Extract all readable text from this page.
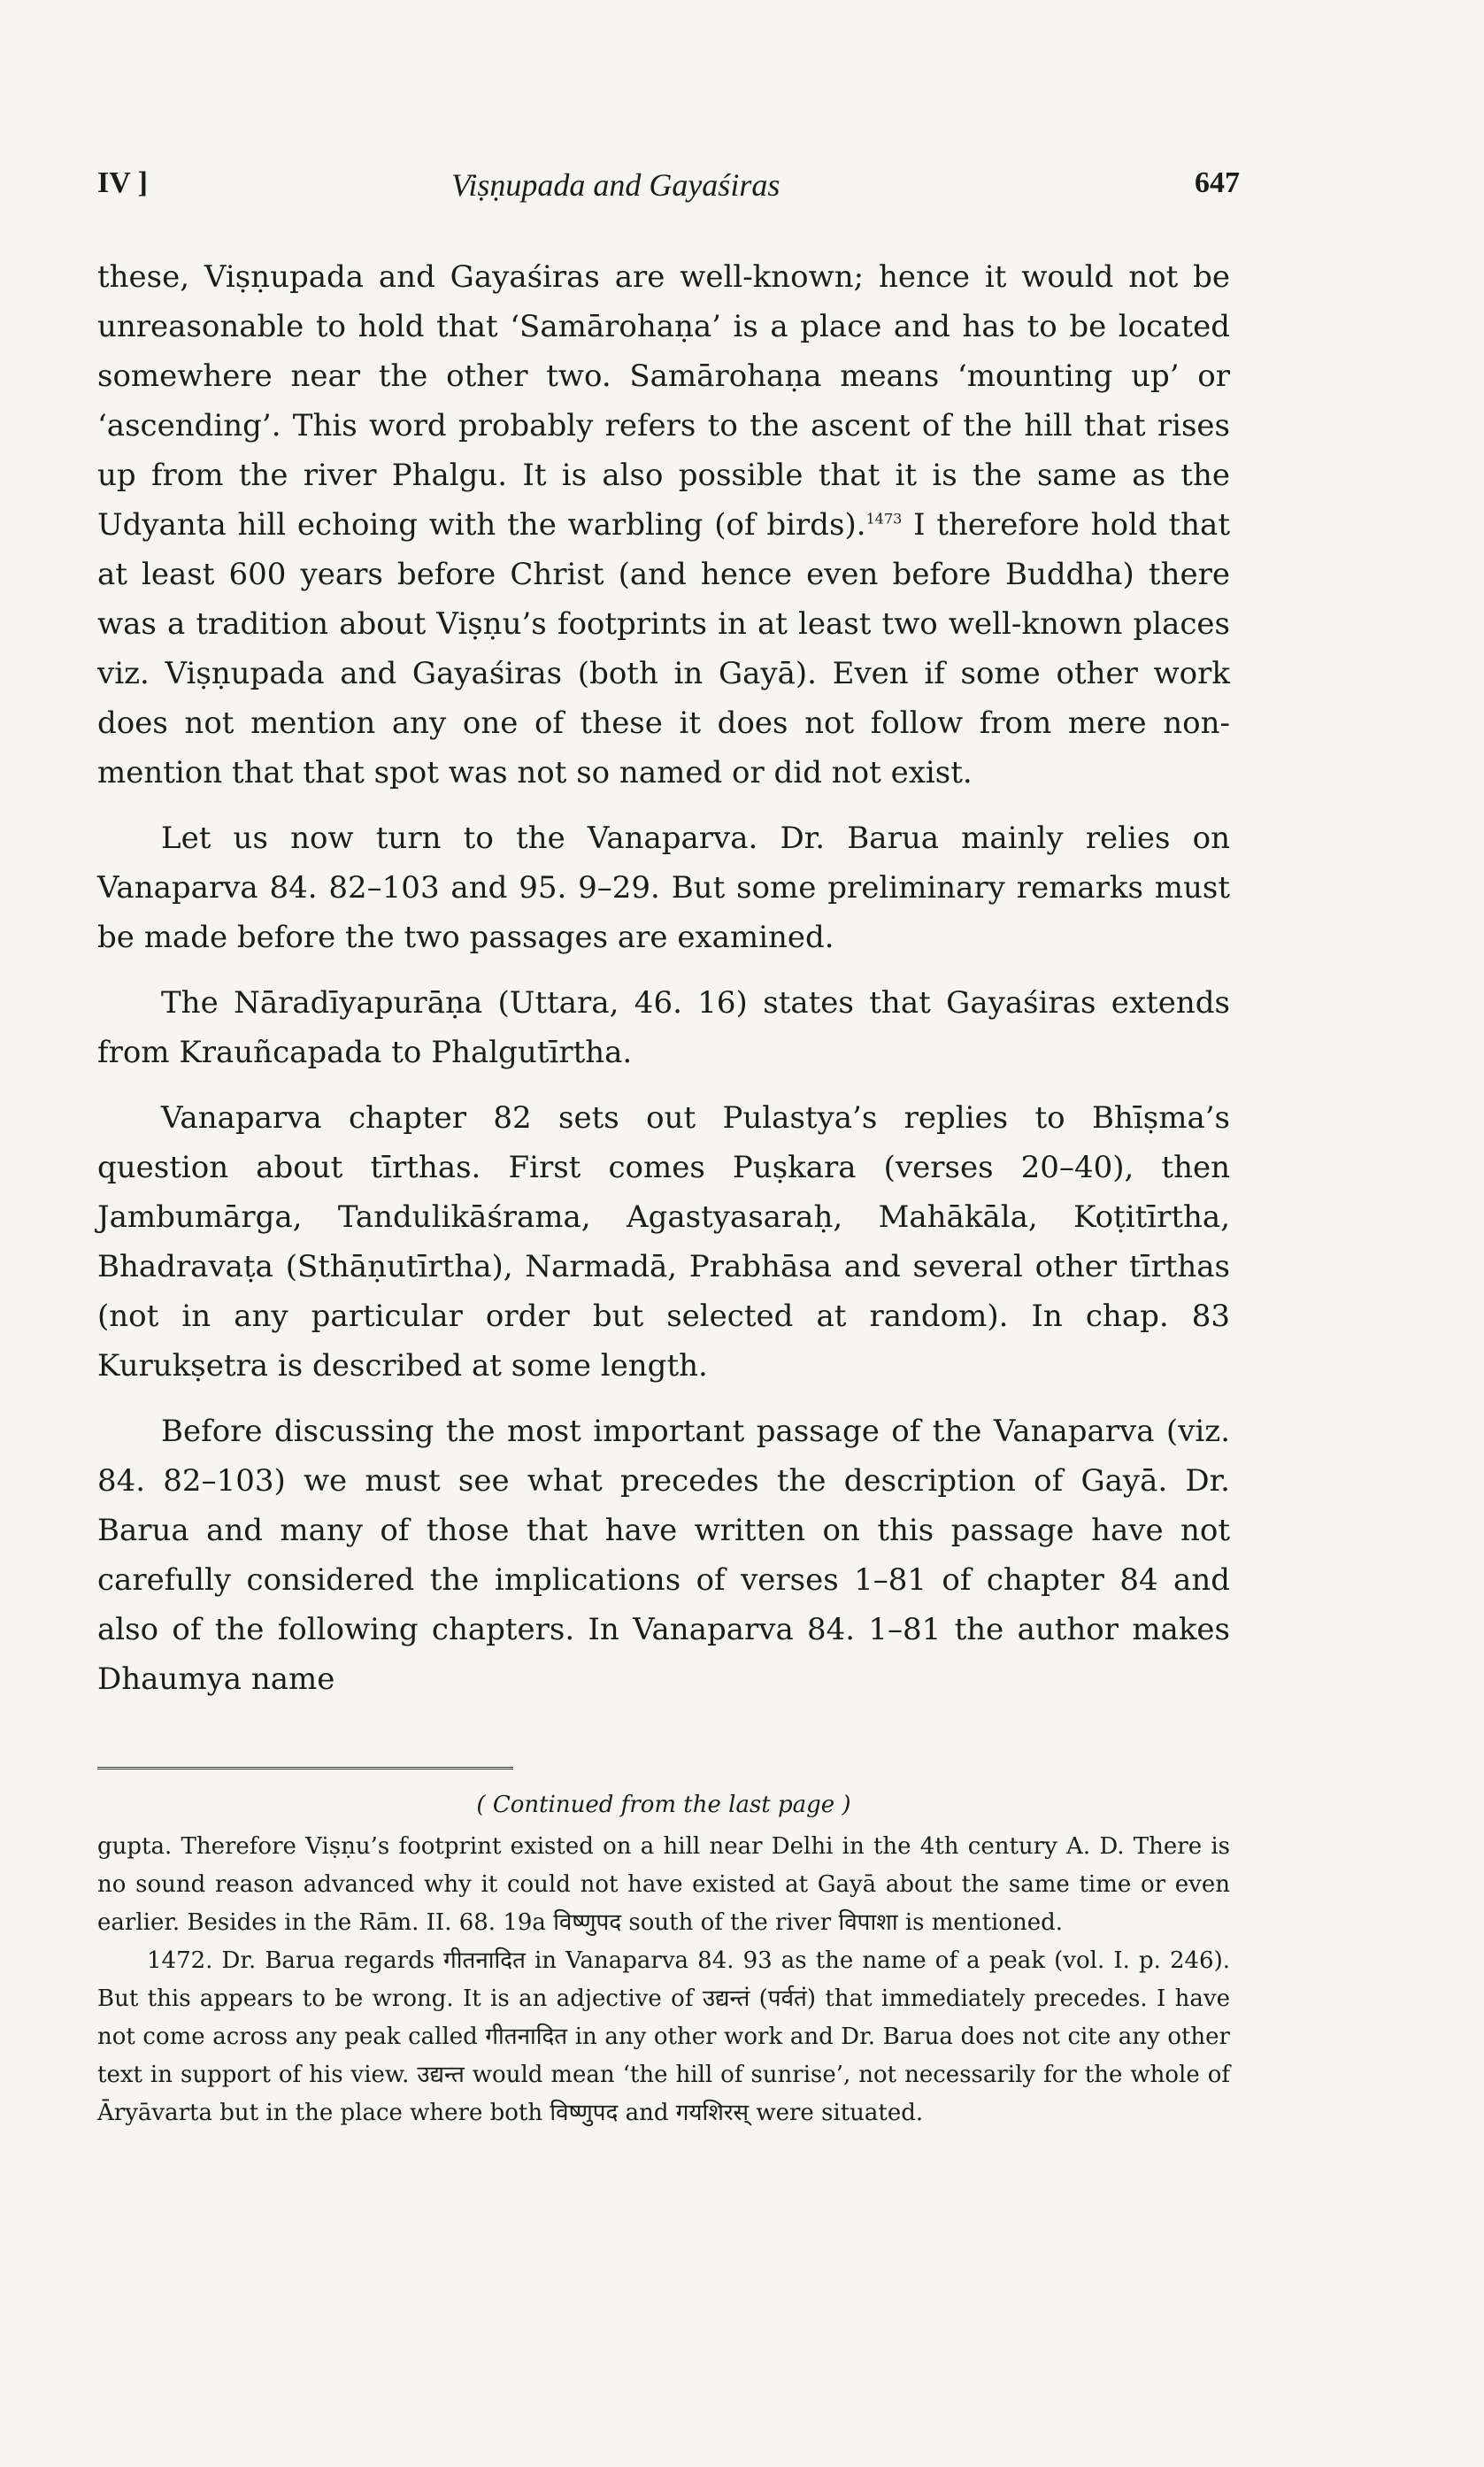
IV ]	Viṣṇupada and Gayaśiras	647

these, Viṣṇupada and Gayaśiras are well-known; hence it would not be unreasonable to hold that ‘Samārohaṇa’ is a place and has to be located somewhere near the other two. Samārohaṇa means ‘mounting up’ or ‘ascending’. This word probably refers to the ascent of the hill that rises up from the river Phalgu. It is also possible that it is the same as the Udyanta hill echoing with the warbling (of birds).$^{1473}$ I therefore hold that at least 600 years before Christ (and hence even before Buddha) there was a tradition about Viṣṇu’s footprints in at least two well-known places viz. Viṣṇupada and Gayaśiras (both in Gayā). Even if some other work does not mention any one of these it does not follow from mere non-mention that that spot was not so named or did not exist.

Let us now turn to the Vanaparva. Dr. Barua mainly relies on Vanaparva 84. 82–103 and 95. 9–29. But some preliminary remarks must be made before the two passages are examined.

The Nāradīyapurāṇa (Uttara, 46. 16) states that Gayaśiras extends from Krauñcapada to Phalgutīrtha.

Vanaparva chapter 82 sets out Pulastya’s replies to Bhīṣma’s question about tīrthas. First comes Puṣkara (verses 20–40), then Jambumārga, Tandulikāśrama, Agastyasaraḥ, Mahākāla, Koṭitīrtha, Bhadravaṭa (Sthāṇutīrtha), Narmadā, Prabhāsa and several other tīrthas (not in any particular order but selected at random). In chap. 83 Kurukṣetra is described at some length.

Before discussing the most important passage of the Vanaparva (viz. 84. 82–103) we must see what precedes the description of Gayā. Dr. Barua and many of those that have written on this passage have not carefully considered the implications of verses 1–81 of chapter 84 and also of the following chapters. In Vanaparva 84. 1–81 the author makes Dhaumya name

( Continued from the last page )

gupta. Therefore Viṣṇu’s footprint existed on a hill near Delhi in the 4th century A. D. There is no sound reason advanced why it could not have existed at Gayā about the same time or even earlier. Besides in the Rām. II. 68. 19a विष्णुपद south of the river विपाशा is mentioned.

1472. Dr. Barua regards गीतनादित in Vanaparva 84. 93 as the name of a peak (vol. I. p. 246). But this appears to be wrong. It is an adjective of उद्यन्तं (पर्वतं) that immediately precedes. I have not come across any peak called गीतनादित in any other work and Dr. Barua does not cite any other text in support of his view. उद्यन्त would mean ‘the hill of sunrise’, not necessarily for the whole of Āryāvarta but in the place where both विष्णुपद and गयशिरस् were situated.
